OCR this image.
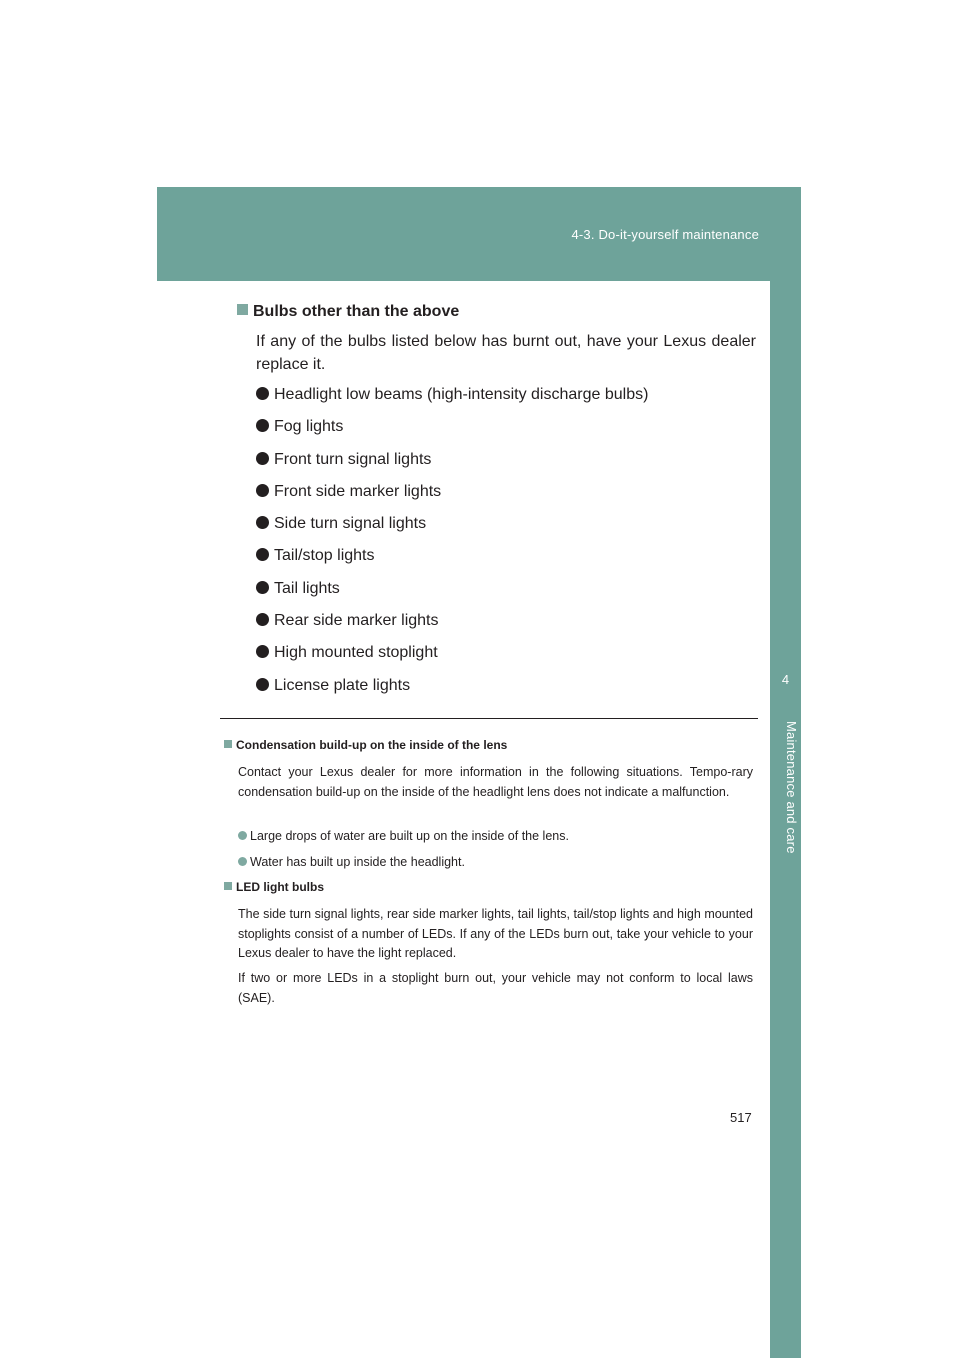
4-3. Do-it-yourself maintenance
4
Maintenance and care
Bulbs other than the above
If any of the bulbs listed below has burnt out, have your Lexus dealer replace it.
Headlight low beams (high-intensity discharge bulbs)
Fog lights
Front turn signal lights
Front side marker lights
Side turn signal lights
Tail/stop lights
Tail lights
Rear side marker lights
High mounted stoplight
License plate lights
Condensation build-up on the inside of the lens
Contact your Lexus dealer for more information in the following situations. Tempo-rary condensation build-up on the inside of the headlight lens does not indicate a malfunction.
Large drops of water are built up on the inside of the lens.
Water has built up inside the headlight.
LED light bulbs
The side turn signal lights, rear side marker lights, tail lights, tail/stop lights and high mounted stoplights consist of a number of LEDs. If any of the LEDs burn out, take your vehicle to your Lexus dealer to have the light replaced.
If two or more LEDs in a stoplight burn out, your vehicle may not conform to local laws (SAE).
517
